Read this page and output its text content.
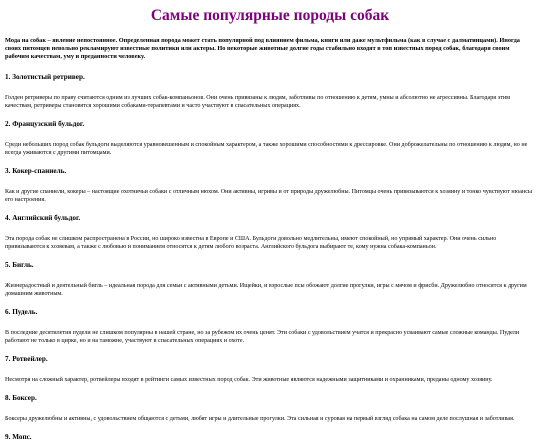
Самые популярные породы собак

Мода на собак – явление непостоянное. Определенная порода может стать популярной под влиянием фильма, книги или даже мультфильма (как в случае с далматинцами). Иногда своих питомцев невольно рекламируют известные политики или актеры. Но некоторые животные долгие годы стабильно входят в топ известных пород собак, благодаря своим рабочим качествам, уму и преданности человеку.

1. Золотистый ретривер.

Голден ретриверы по праву считаются одним из лучших собак-компаньонов. Они очень привязаны к людям, заботливы по отношению к детям, умны и абсолютно не агрессивны. Благодаря этим качествам, ретриверы становятся хорошими собаками-терапевтами и часто участвуют в спасательных операциях.

2. Французский бульдог.

Среди небольших пород собак бульдоги выделяются уравновешенным и спокойным характером, а также хорошими способностями к дрессировке. Они доброжелательны по отношению к людям, но не всегда уживаются с другими питомцами.

3. Кокер-спаниель.

Как и другие спаниели, кокеры – настоящие охотничьи собаки с отличным нюхом. Они активны, игривы и от природы дружелюбны. Питомцы очень привязываются к хозяину и тонко чувствуют нюансы его настроения.

4. Английский бульдог.

Эта порода собак не слишком распространена в России, но широко известна в Европе и США. Бульдоги довольно медлительны, имеют спокойный, но упрямый характер. Они очень сильно привязываются к хозяевам, а также с любовью и пониманием относятся к детям любого возраста. Английского бульдога выбирают те, кому нужна собака-компаньон.

5. Бигль.

Жизнерадостный и деятельный бигль – идеальная порода для семьи с активными детьми. Ищейки, и взрослые псы обожают долгие прогулки, игры с мячом и фрисби. Дружелюбно относятся к другим домашним животным.

6. Пудель.

В последние десятилетия пудели не слишком популярны в нашей стране, но за рубежом их очень ценят. Эти собаки с удовольствием учатся и прекрасно усваивают самые сложные команды. Пудели работают не только в цирке, но и на таможне, участвуют в спасательных операциях и охоте.

7. Ротвейлер.

Несмотря на сложный характер, ротвейлеры входят в рейтинги самых известных пород собак. Эти животные являются надежными защитниками и охранниками, преданы одному хозяину.

8. Боксер.

Боксеры дружелюбны и активны, с удовольствием общаются с детьми, любят игры и длительные прогулки. Эта сильная и суровая на первый взгляд собака на самом деле послушная и заботливая.

9. Мопс.
